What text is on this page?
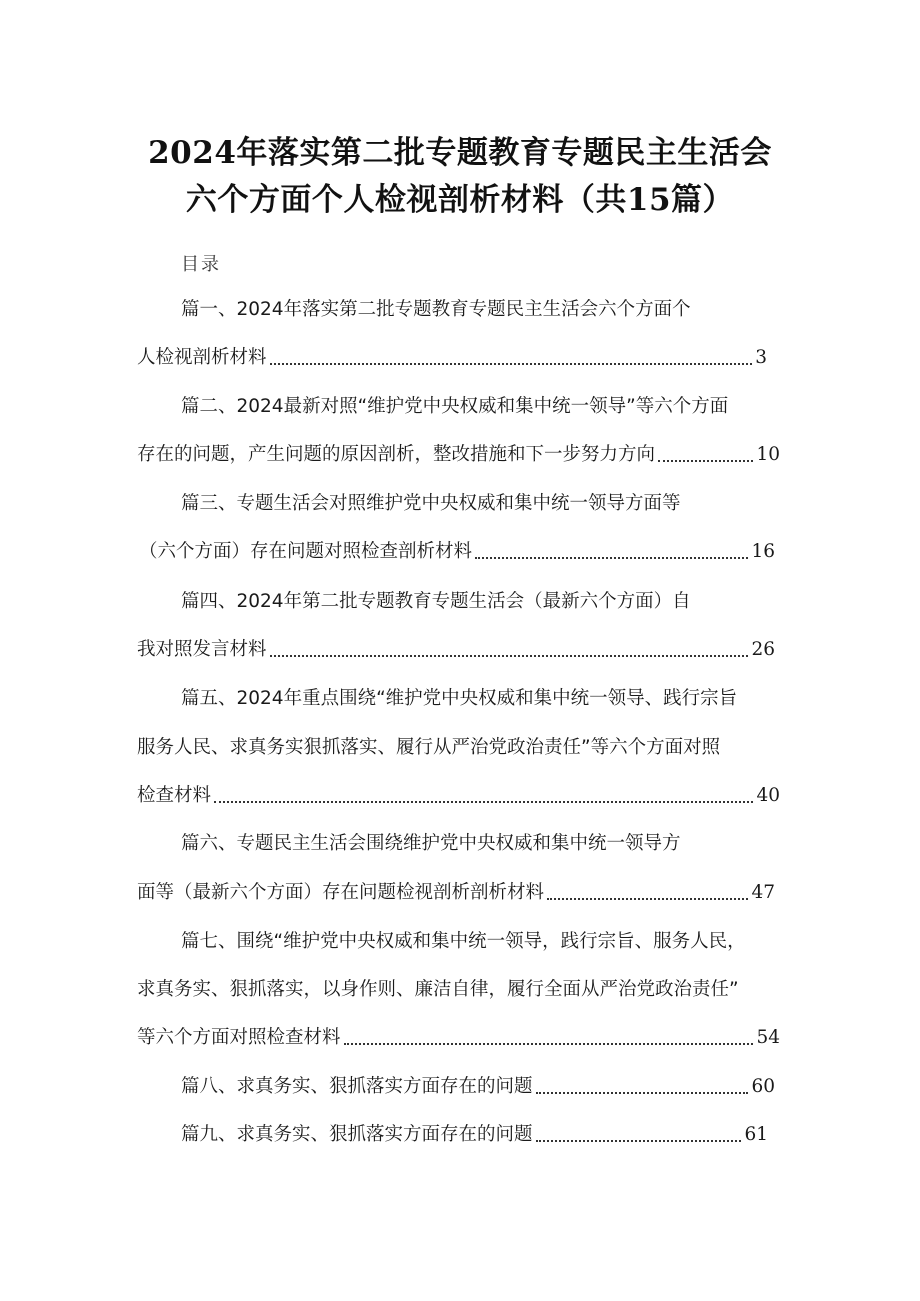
2024年落实第二批专题教育专题民主生活会
六个方面个人检视剖析材料（共15篇）
目录
篇一、2024年落实第二批专题教育专题民主生活会六个方面个
人检视剖析材料	3
篇二、2024最新对照“维护党中央权威和集中统一领导”等六个方面
存在的问题，产生问题的原因剖析，整改措施和下一步努力方向	10
篇三、专题生活会对照维护党中央权威和集中统一领导方面等
（六个方面）存在问题对照检查剖析材料	16
篇四、2024年第二批专题教育专题生活会（最新六个方面）自
我对照发言材料	26
篇五、2024年重点围绕“维护党中央权威和集中统一领导、践行宗旨
服务人民、求真务实狠抓落实、履行从严治党政治责任”等六个方面对照
检查材料	40
篇六、专题民主生活会围绕维护党中央权威和集中统一领导方
面等（最新六个方面）存在问题检视剖析剖析材料	47
篇七、围绕“维护党中央权威和集中统一领导，践行宗旨、服务人民，
求真务实、狠抓落实，以身作则、廉洁自律，履行全面从严治党政治责任”
等六个方面对照检查材料	54
篇八、求真务实、狠抓落实方面存在的问题	60
篇九、求真务实、狠抓落实方面存在的问题	61
